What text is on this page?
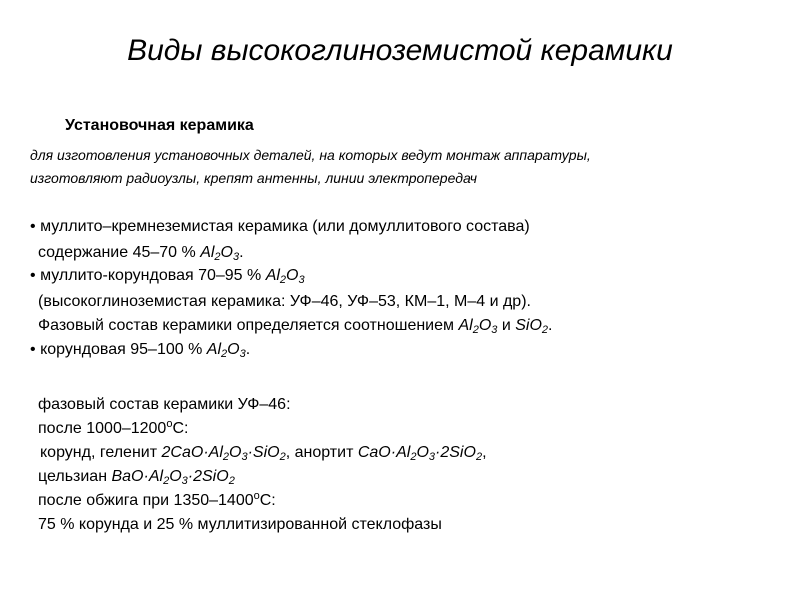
Виды высокоглиноземистой керамики
Установочная керамика
для изготовления установочных деталей, на которых ведут монтаж аппаратуры,
изготовляют радиоузлы, крепят антенны, линии электропередач
• муллито–кремнеземистая керамика (или домуллитового состава)
содержание 45–70 % $Al_2O_3$.
• муллито-корундовая 70–95 % $Al_2O_3$
(высокоглиноземистая керамика: УФ–46, УФ–53, КМ–1, М–4 и др).
Фазовый состав керамики определяется соотношением $Al_2O_3$ и SiO$_2$.
• корундовая 95–100 % $Al_2O_3$.
фазовый состав керамики УФ–46:
после 1000–1200$^o$C:
корунд, геленит $2CaO\cdot Al_2O_3\cdot SiO_2$, анортит $CaO\cdot Al_2O_3\cdot 2SiO_2$,
цельзиан $BaO\cdot Al_2O_3\cdot 2SiO_2$
после обжига при 1350–1400$^o$C:
75 % корунда и 25 % муллитизированной стеклофазы
